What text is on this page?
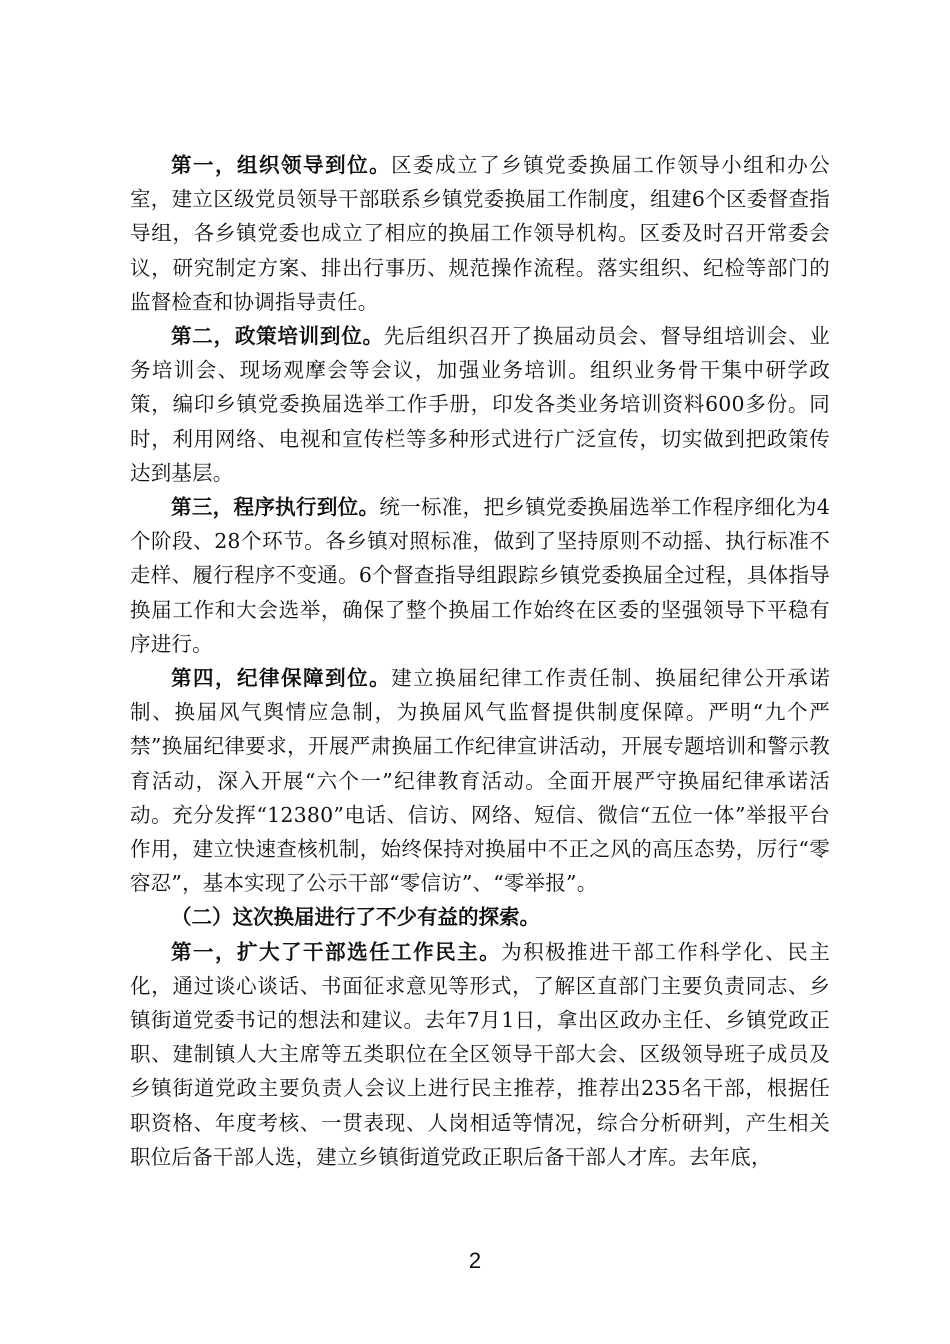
第一，组织领导到位。区委成立了乡镇党委换届工作领导小组和办公室，建立区级党员领导干部联系乡镇党委换届工作制度，组建6个区委督查指导组，各乡镇党委也成立了相应的换届工作领导机构。区委及时召开常委会议，研究制定方案、排出行事历、规范操作流程。落实组织、纪检等部门的监督检查和协调指导责任。

第二，政策培训到位。先后组织召开了换届动员会、督导组培训会、业务培训会、现场观摩会等会议，加强业务培训。组织业务骨干集中研学政策，编印乡镇党委换届选举工作手册，印发各类业务培训资料600多份。同时，利用网络、电视和宣传栏等多种形式进行广泛宣传，切实做到把政策传达到基层。

第三，程序执行到位。统一标准，把乡镇党委换届选举工作程序细化为4个阶段、28个环节。各乡镇对照标准，做到了坚持原则不动摇、执行标准不走样、履行程序不变通。6个督查指导组跟踪乡镇党委换届全过程，具体指导换届工作和大会选举，确保了整个换届工作始终在区委的坚强领导下平稳有序进行。

第四，纪律保障到位。建立换届纪律工作责任制、换届纪律公开承诺制、换届风气舆情应急制，为换届风气监督提供制度保障。严明“九个严禁”换届纪律要求，开展严肃换届工作纪律宣讲活动，开展专题培训和警示教育活动，深入开展“六个一”纪律教育活动。全面开展严守换届纪律承诺活动。充分发挥“12380”电话、信访、网络、短信、微信“五位一体”举报平台作用，建立快速查核机制，始终保持对换届中不正之风的高压态势，厉行“零容忍”，基本实现了公示干部“零信访”、“零举报”。

（二）这次换届进行了不少有益的探索。

第一，扩大了干部选任工作民主。为积极推进干部工作科学化、民主化，通过谈心谈话、书面征求意见等形式，了解区直部门主要负责同志、乡镇街道党委书记的想法和建议。去年7月1日，拿出区政办主任、乡镇党政正职、建制镇人大主席等五类职位在全区领导干部大会、区级领导班子成员及乡镇街道党政主要负责人会议上进行民主推荐，推荐出235名干部，根据任职资格、年度考核、一贯表现、人岗相适等情况，综合分析研判，产生相关职位后备干部人选，建立乡镇街道党政正职后备干部人才库。去年底，

2
